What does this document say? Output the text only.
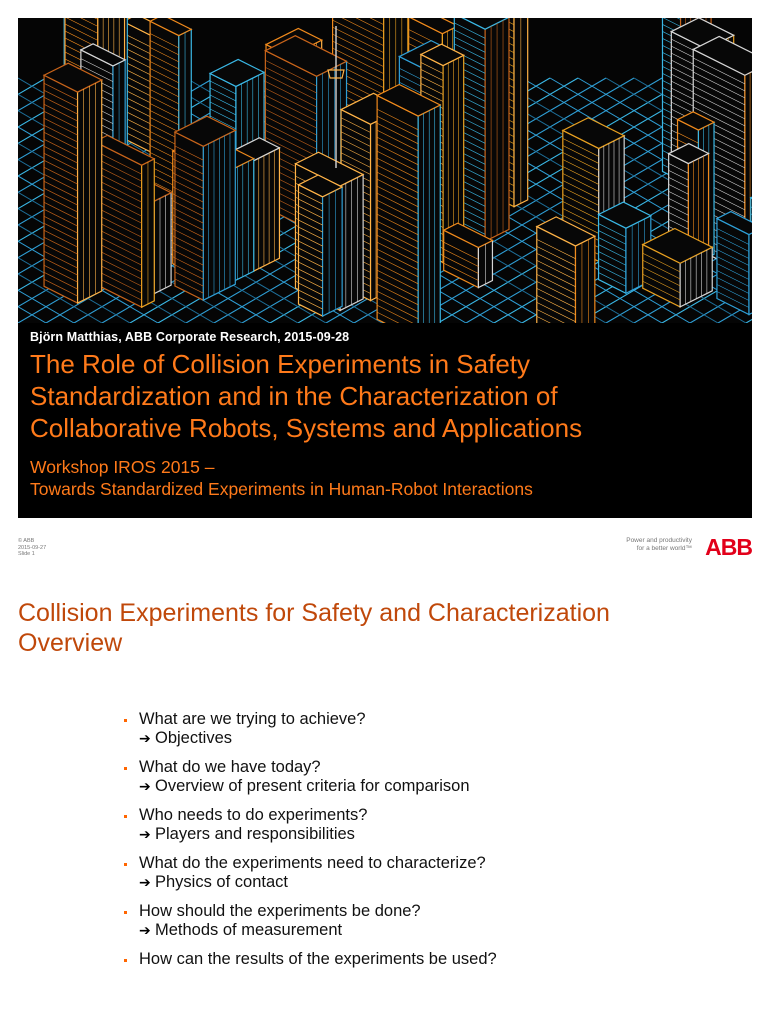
Björn Matthias, ABB Corporate Research, 2015-09-28

The Role of Collision Experiments in Safety
Standardization and in the Characterization of
Collaborative Robots, Systems and Applications

Workshop IROS 2015 –

Towards Standardized Experiments in Human-Robot Interactions

© ABB
2015-09-27
Slide 1
Power and productivity
for a better world™ ABB
Collision Experiments for Safety and Characterization
Overview
What are we trying to achieve?
➔ Objectives
What do we have today?
➔ Overview of present criteria for comparison
Who needs to do experiments?
➔ Players and responsibilities
What do the experiments need to characterize?
➔ Physics of contact
How should the experiments be done?
➔ Methods of measurement
How can the results of the experiments be used?
